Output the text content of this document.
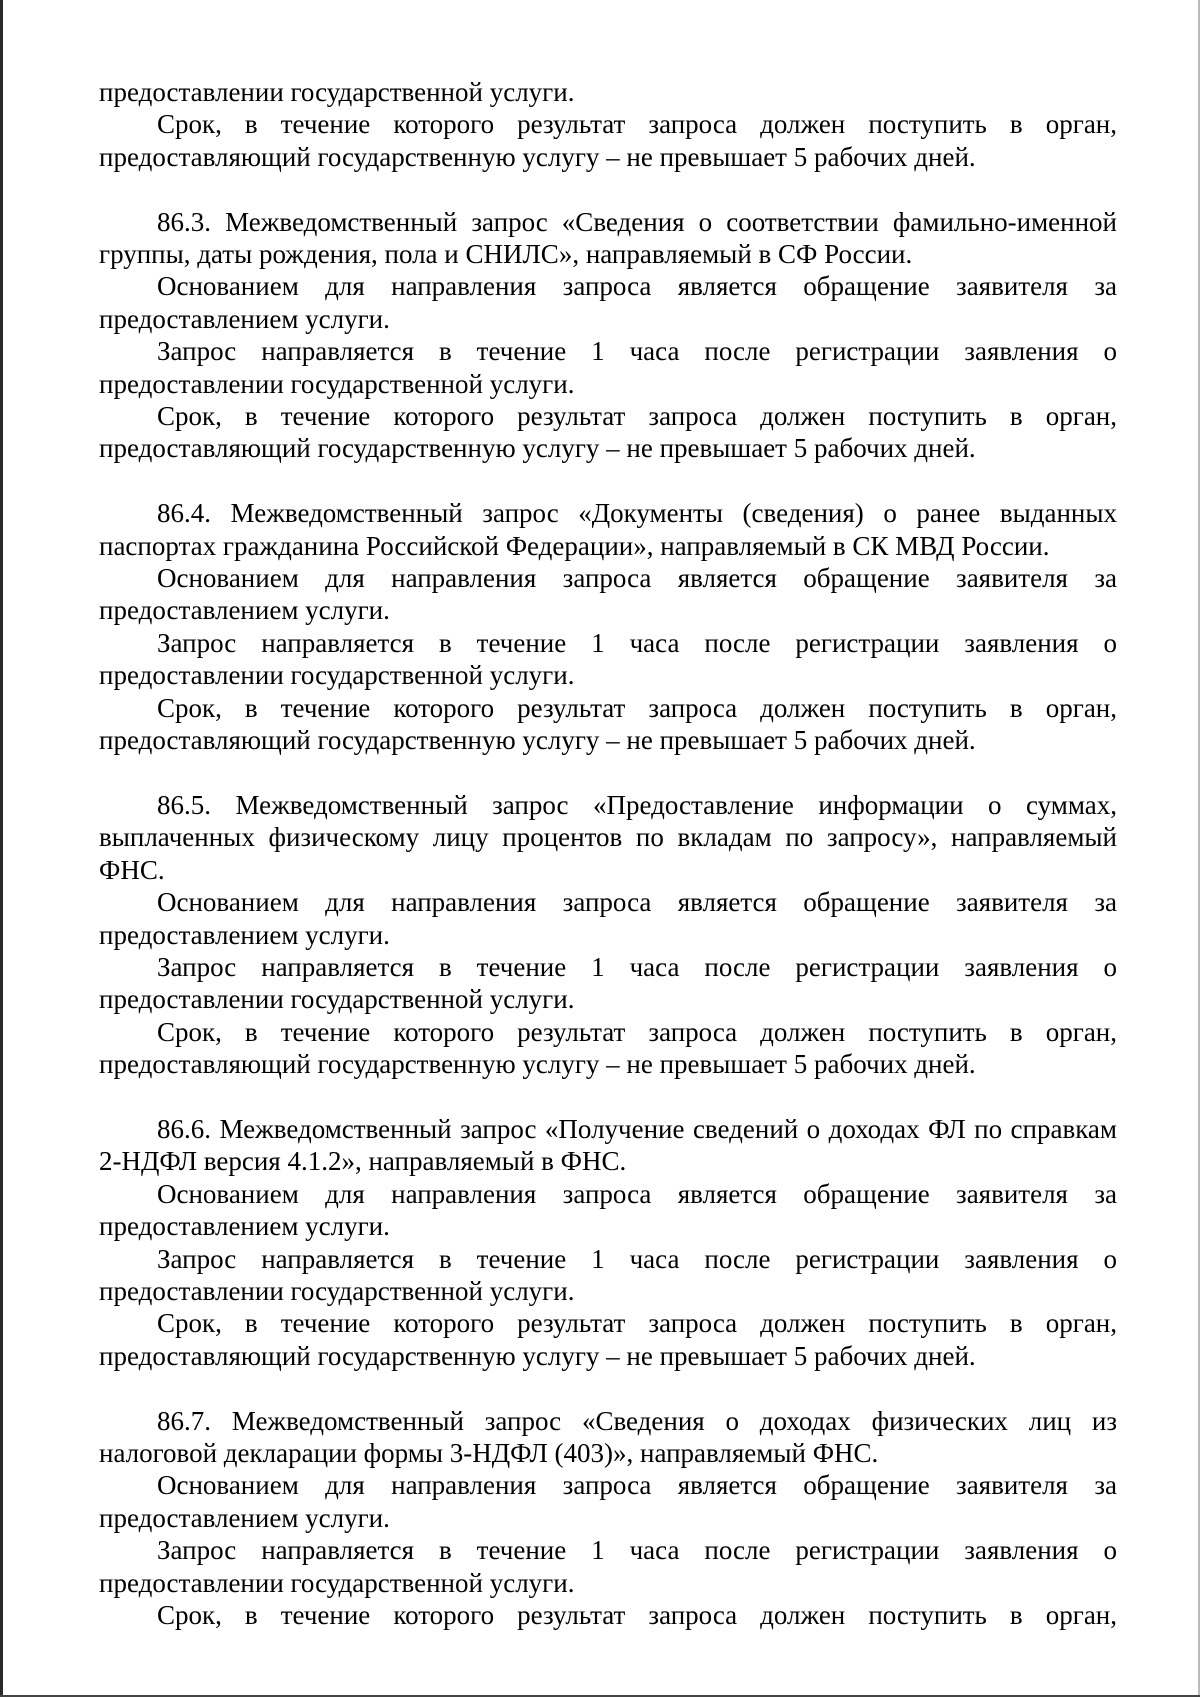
предоставлении государственной услуги.

Срок, в течение которого результат запроса должен поступить в орган, предоставляющий государственную услугу – не превышает 5 рабочих дней.

86.3. Межведомственный запрос «Сведения о соответствии фамильно-именной группы, даты рождения, пола и СНИЛС», направляемый в СФ России.

Основанием для направления запроса является обращение заявителя за предоставлением услуги.

Запрос направляется в течение 1 часа после регистрации заявления о предоставлении государственной услуги.

Срок, в течение которого результат запроса должен поступить в орган, предоставляющий государственную услугу – не превышает 5 рабочих дней.

86.4. Межведомственный запрос «Документы (сведения) о ранее выданных паспортах гражданина Российской Федерации», направляемый в СК МВД России.

Основанием для направления запроса является обращение заявителя за предоставлением услуги.

Запрос направляется в течение 1 часа после регистрации заявления о предоставлении государственной услуги.

Срок, в течение которого результат запроса должен поступить в орган, предоставляющий государственную услугу – не превышает 5 рабочих дней.

86.5. Межведомственный запрос «Предоставление информации о суммах, выплаченных физическому лицу процентов по вкладам по запросу», направляемый ФНС.

Основанием для направления запроса является обращение заявителя за предоставлением услуги.

Запрос направляется в течение 1 часа после регистрации заявления о предоставлении государственной услуги.

Срок, в течение которого результат запроса должен поступить в орган, предоставляющий государственную услугу – не превышает 5 рабочих дней.

86.6. Межведомственный запрос «Получение сведений о доходах ФЛ по справкам 2-НДФЛ версия 4.1.2», направляемый в ФНС.

Основанием для направления запроса является обращение заявителя за предоставлением услуги.

Запрос направляется в течение 1 часа после регистрации заявления о предоставлении государственной услуги.

Срок, в течение которого результат запроса должен поступить в орган, предоставляющий государственную услугу – не превышает 5 рабочих дней.

86.7. Межведомственный запрос «Сведения о доходах физических лиц из налоговой декларации формы 3-НДФЛ (403)», направляемый ФНС.

Основанием для направления запроса является обращение заявителя за предоставлением услуги.

Запрос направляется в течение 1 часа после регистрации заявления о предоставлении государственной услуги.

Срок, в течение которого результат запроса должен поступить в орган,
